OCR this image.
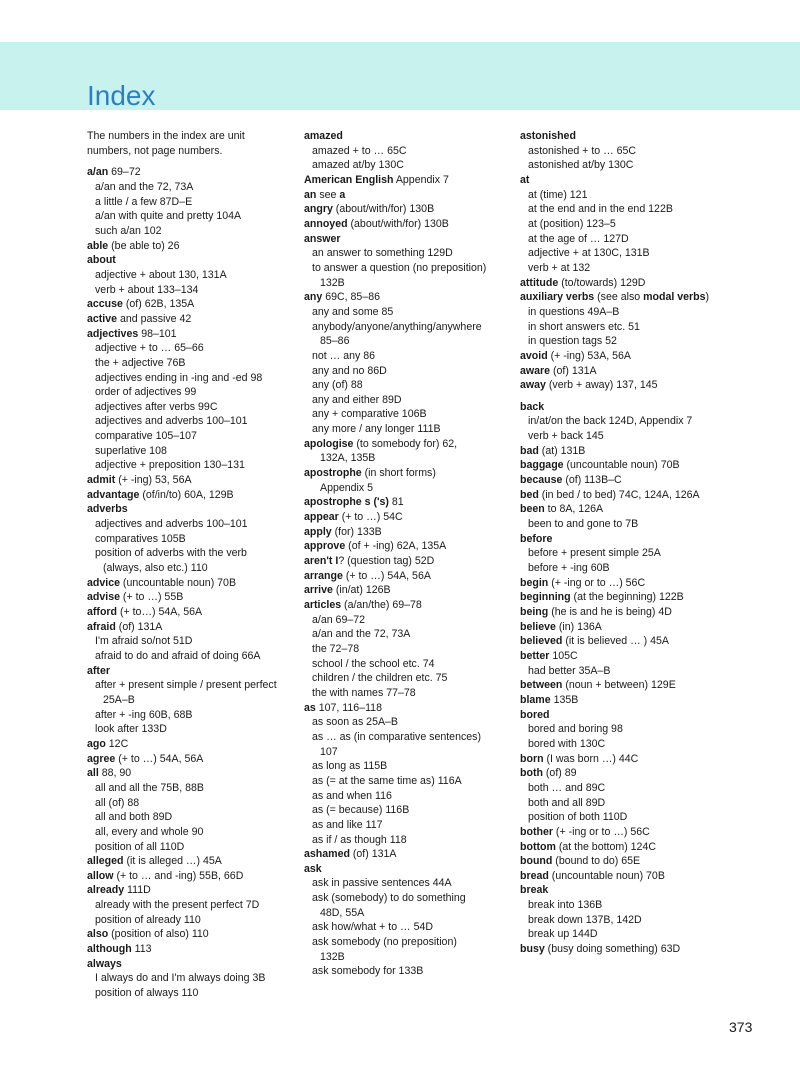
Index
The numbers in the index are unit
numbers, not page numbers.
a/an 69–72
a/an and the 72, 73A
a little / a few 87D–E
a/an with quite and pretty 104A
such a/an 102
able (be able to) 26
about
adjective + about 130, 131A
verb + about 133–134
accuse (of) 62B, 135A
active and passive 42
adjectives 98–101
adjective + to … 65–66
the + adjective 76B
adjectives ending in -ing and -ed 98
order of adjectives 99
adjectives after verbs 99C
adjectives and adverbs 100–101
comparative 105–107
superlative 108
adjective + preposition 130–131
admit (+ -ing) 53, 56A
advantage (of/in/to) 60A, 129B
adverbs
adjectives and adverbs 100–101
comparatives 105B
position of adverbs with the verb
(always, also etc.) 110
advice (uncountable noun) 70B
advise (+ to …) 55B
afford (+ to…) 54A, 56A
afraid (of) 131A
I'm afraid so/not 51D
afraid to do and afraid of doing 66A
after
after + present simple / present perfect
25A–B
after + -ing 60B, 68B
look after 133D
ago 12C
agree (+ to …) 54A, 56A
all 88, 90
all and all the 75B, 88B
all (of) 88
all and both 89D
all, every and whole 90
position of all 110D
alleged (it is alleged …) 45A
allow (+ to … and -ing) 55B, 66D
already 111D
already with the present perfect 7D
position of already 110
also (position of also) 110
although 113
always
I always do and I'm always doing 3B
position of always 110
amazed
amazed + to … 65C
amazed at/by 130C
American English Appendix 7
an see a
angry (about/with/for) 130B
annoyed (about/with/for) 130B
answer
an answer to something 129D
to answer a question (no preposition)
132B
any 69C, 85–86
any and some 85
anybody/anyone/anything/anywhere
85–86
not … any 86
any and no 86D
any (of) 88
any and either 89D
any + comparative 106B
any more / any longer 111B
apologise (to somebody for) 62,
132A, 135B
apostrophe (in short forms)
Appendix 5
apostrophe s ('s) 81
appear (+ to …) 54C
apply (for) 133B
approve (of + -ing) 62A, 135A
aren't I? (question tag) 52D
arrange (+ to …) 54A, 56A
arrive (in/at) 126B
articles (a/an/the) 69–78
a/an 69–72
a/an and the 72, 73A
the 72–78
school / the school etc. 74
children / the children etc. 75
the with names 77–78
as 107, 116–118
as soon as 25A–B
as … as (in comparative sentences)
107
as long as 115B
as (= at the same time as) 116A
as and when 116
as (= because) 116B
as and like 117
as if / as though 118
ashamed (of) 131A
ask
ask in passive sentences 44A
ask (somebody) to do something
48D, 55A
ask how/what + to … 54D
ask somebody (no preposition)
132B
ask somebody for 133B
astonished
astonished + to … 65C
astonished at/by 130C
at
at (time) 121
at the end and in the end 122B
at (position) 123–5
at the age of … 127D
adjective + at 130C, 131B
verb + at 132
attitude (to/towards) 129D
auxiliary verbs (see also modal verbs)
in questions 49A–B
in short answers etc. 51
in question tags 52
avoid (+ -ing) 53A, 56A
aware (of) 131A
away (verb + away) 137, 145
back
in/at/on the back 124D, Appendix 7
verb + back 145
bad (at) 131B
baggage (uncountable noun) 70B
because (of) 113B–C
bed (in bed / to bed) 74C, 124A, 126A
been to 8A, 126A
been to and gone to 7B
before
before + present simple 25A
before + -ing 60B
begin (+ -ing or to …) 56C
beginning (at the beginning) 122B
being (he is and he is being) 4D
believe (in) 136A
believed (it is believed … ) 45A
better 105C
had better 35A–B
between (noun + between) 129E
blame 135B
bored
bored and boring 98
bored with 130C
born (I was born …) 44C
both (of) 89
both … and 89C
both and all 89D
position of both 110D
bother (+ -ing or to …) 56C
bottom (at the bottom) 124C
bound (bound to do) 65E
bread (uncountable noun) 70B
break
break into 136B
break down 137B, 142D
break up 144D
busy (busy doing something) 63D
373
